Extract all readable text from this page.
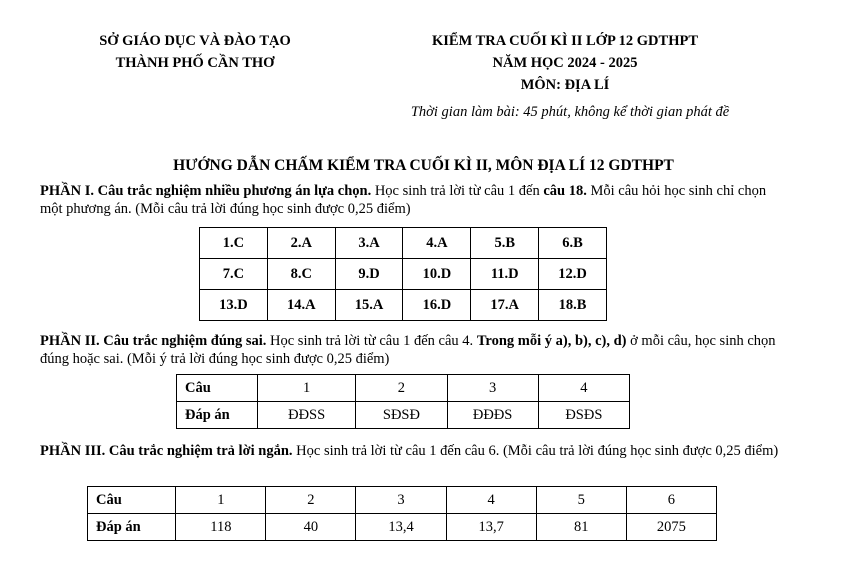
SỞ GIÁO DỤC VÀ ĐÀO TẠO
THÀNH PHỐ CẦN THƠ
KIỂM TRA CUỐI KÌ II LỚP 12 GDTHPT
NĂM HỌC 2024 - 2025
MÔN: ĐỊA LÍ
Thời gian làm bài: 45 phút, không kể thời gian phát đề
HƯỚNG DẪN CHẤM KIỂM TRA CUỐI KÌ II, MÔN ĐỊA LÍ 12 GDTHPT
PHẦN I. Câu trắc nghiệm nhiều phương án lựa chọn. Học sinh trả lời từ câu 1 đến câu 18. Mỗi câu hỏi học sinh chỉ chọn một phương án. (Mỗi câu trả lời đúng học sinh được 0,25 điểm)
1.C	2.A	3.A	4.A	5.B	6.B
7.C	8.C	9.D	10.D	11.D	12.D
13.D	14.A	15.A	16.D	17.A	18.B
PHẦN II. Câu trắc nghiệm đúng sai. Học sinh trả lời từ câu 1 đến câu 4. Trong mỗi ý a), b), c), d) ở mỗi câu, học sinh chọn đúng hoặc sai. (Mỗi ý trả lời đúng học sinh được 0,25 điểm)
Câu	1	2	3	4
Đáp án	ĐĐSS	SĐSĐ	ĐĐĐS	ĐSĐS
PHẦN III. Câu trắc nghiệm trả lời ngắn. Học sinh trả lời từ câu 1 đến câu 6. (Mỗi câu trả lời đúng học sinh được 0,25 điểm)
Câu	1	2	3	4	5	6
Đáp án	118	40	13,4	13,7	81	2075
